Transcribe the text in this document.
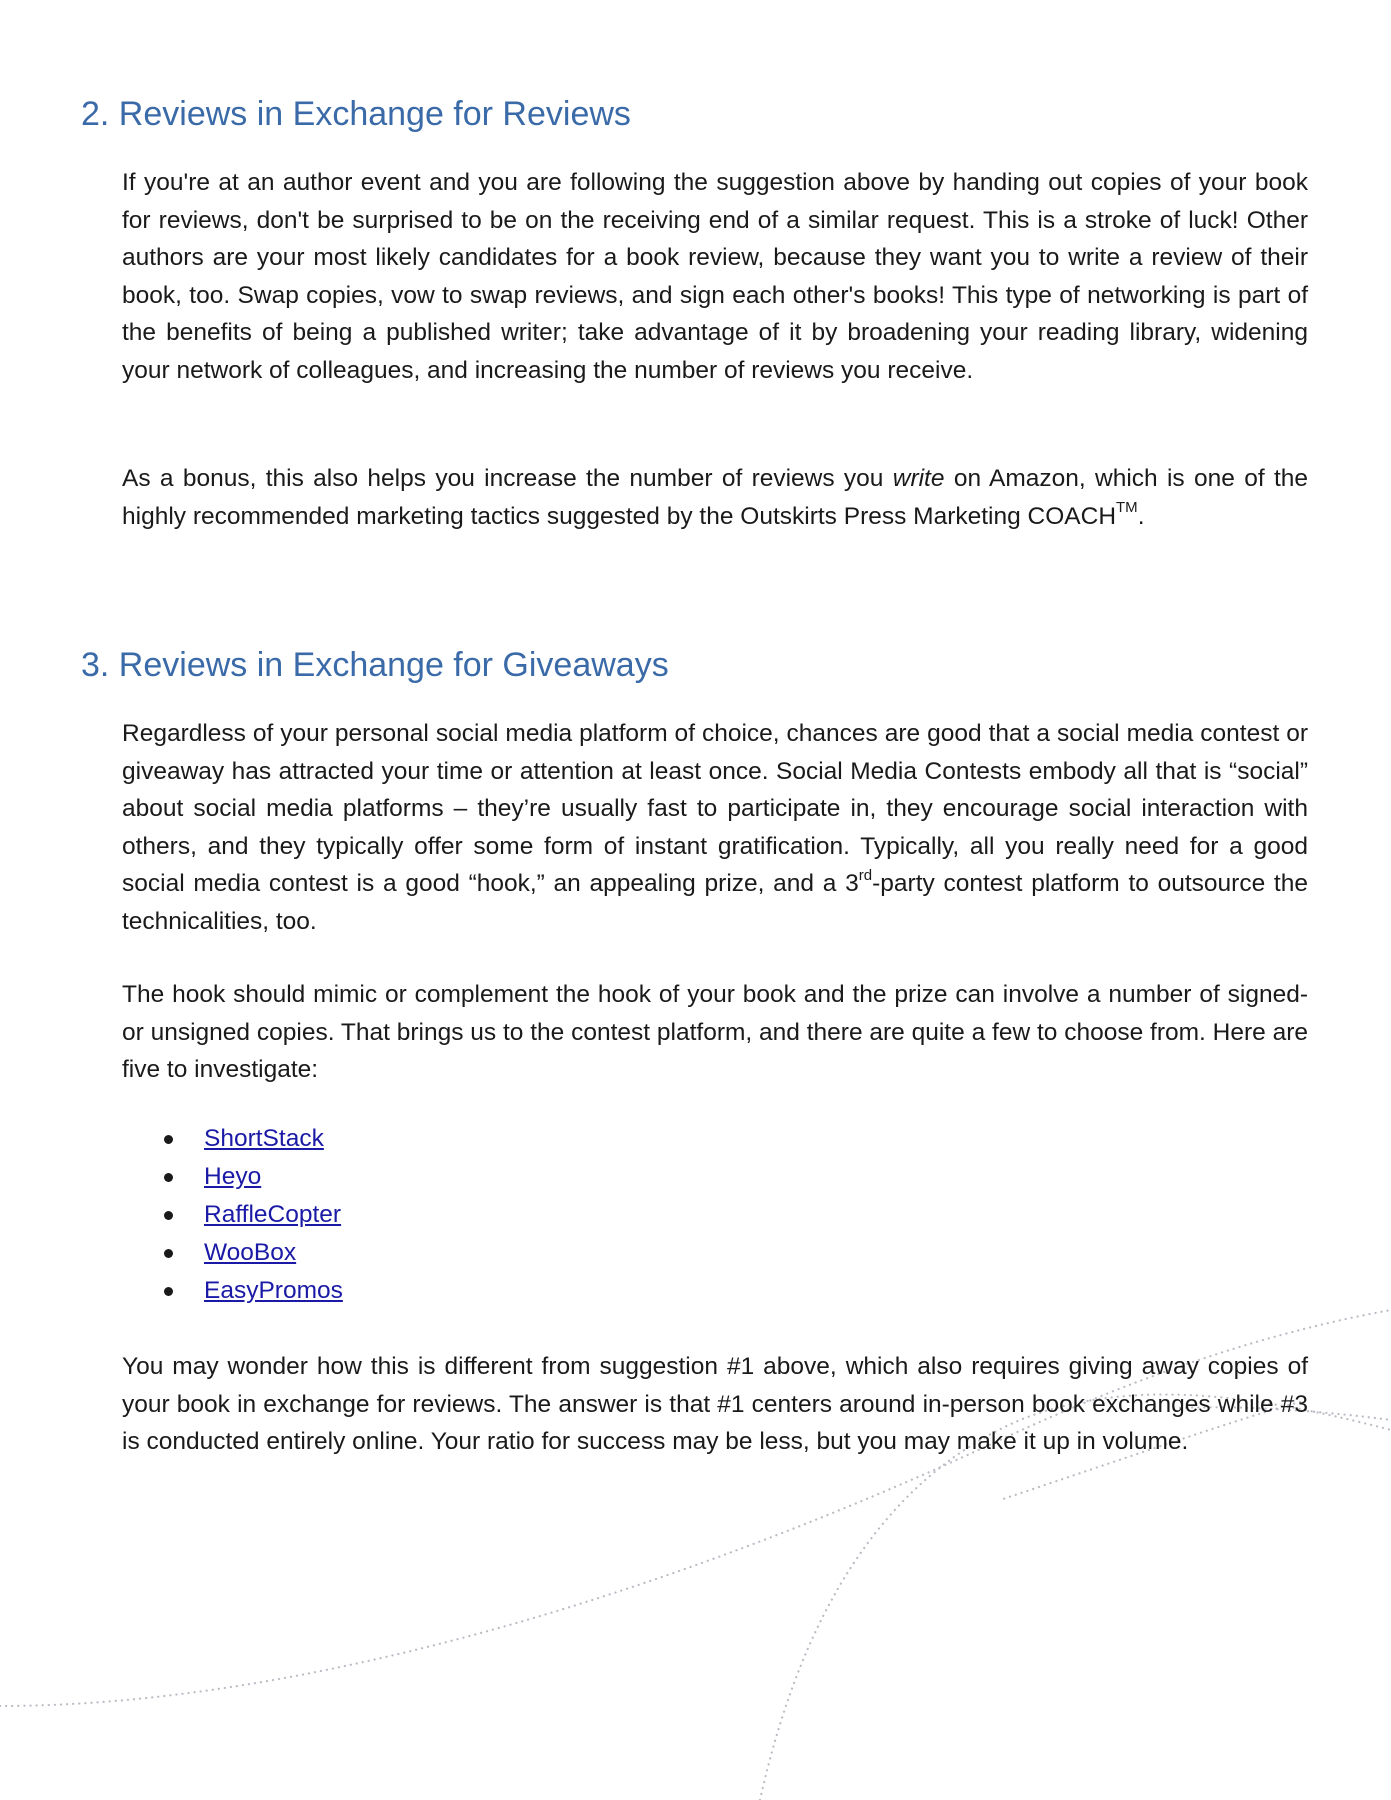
2. Reviews in Exchange for Reviews

If you're at an author event and you are following the suggestion above by handing out copies of your book for reviews, don't be surprised to be on the receiving end of a similar request. This is a stroke of luck! Other authors are your most likely candidates for a book review, because they want you to write a review of their book, too. Swap copies, vow to swap reviews, and sign each other's books! This type of networking is part of the benefits of being a published writer; take advantage of it by broadening your reading library, widening your network of colleagues, and increasing the number of reviews you receive.

As a bonus, this also helps you increase the number of reviews you write on Amazon, which is one of the highly recommended marketing tactics suggested by the Outskirts Press Marketing COACH™.

3. Reviews in Exchange for Giveaways

Regardless of your personal social media platform of choice, chances are good that a social media contest or giveaway has attracted your time or attention at least once. Social Media Contests embody all that is “social” about social media platforms – they’re usually fast to participate in, they encourage social interaction with others, and they typically offer some form of instant gratification. Typically, all you really need for a good social media contest is a good “hook,” an appealing prize, and a 3rd-party contest platform to outsource the technicalities, too.

The hook should mimic or complement the hook of your book and the prize can involve a number of signed-or unsigned copies. That brings us to the contest platform, and there are quite a few to choose from. Here are five to investigate:

ShortStack
Heyo
RaffleCopter
WooBox
EasyPromos

You may wonder how this is different from suggestion #1 above, which also requires giving away copies of your book in exchange for reviews. The answer is that #1 centers around in-person book exchanges while #3 is conducted entirely online. Your ratio for success may be less, but you may make it up in volume.
